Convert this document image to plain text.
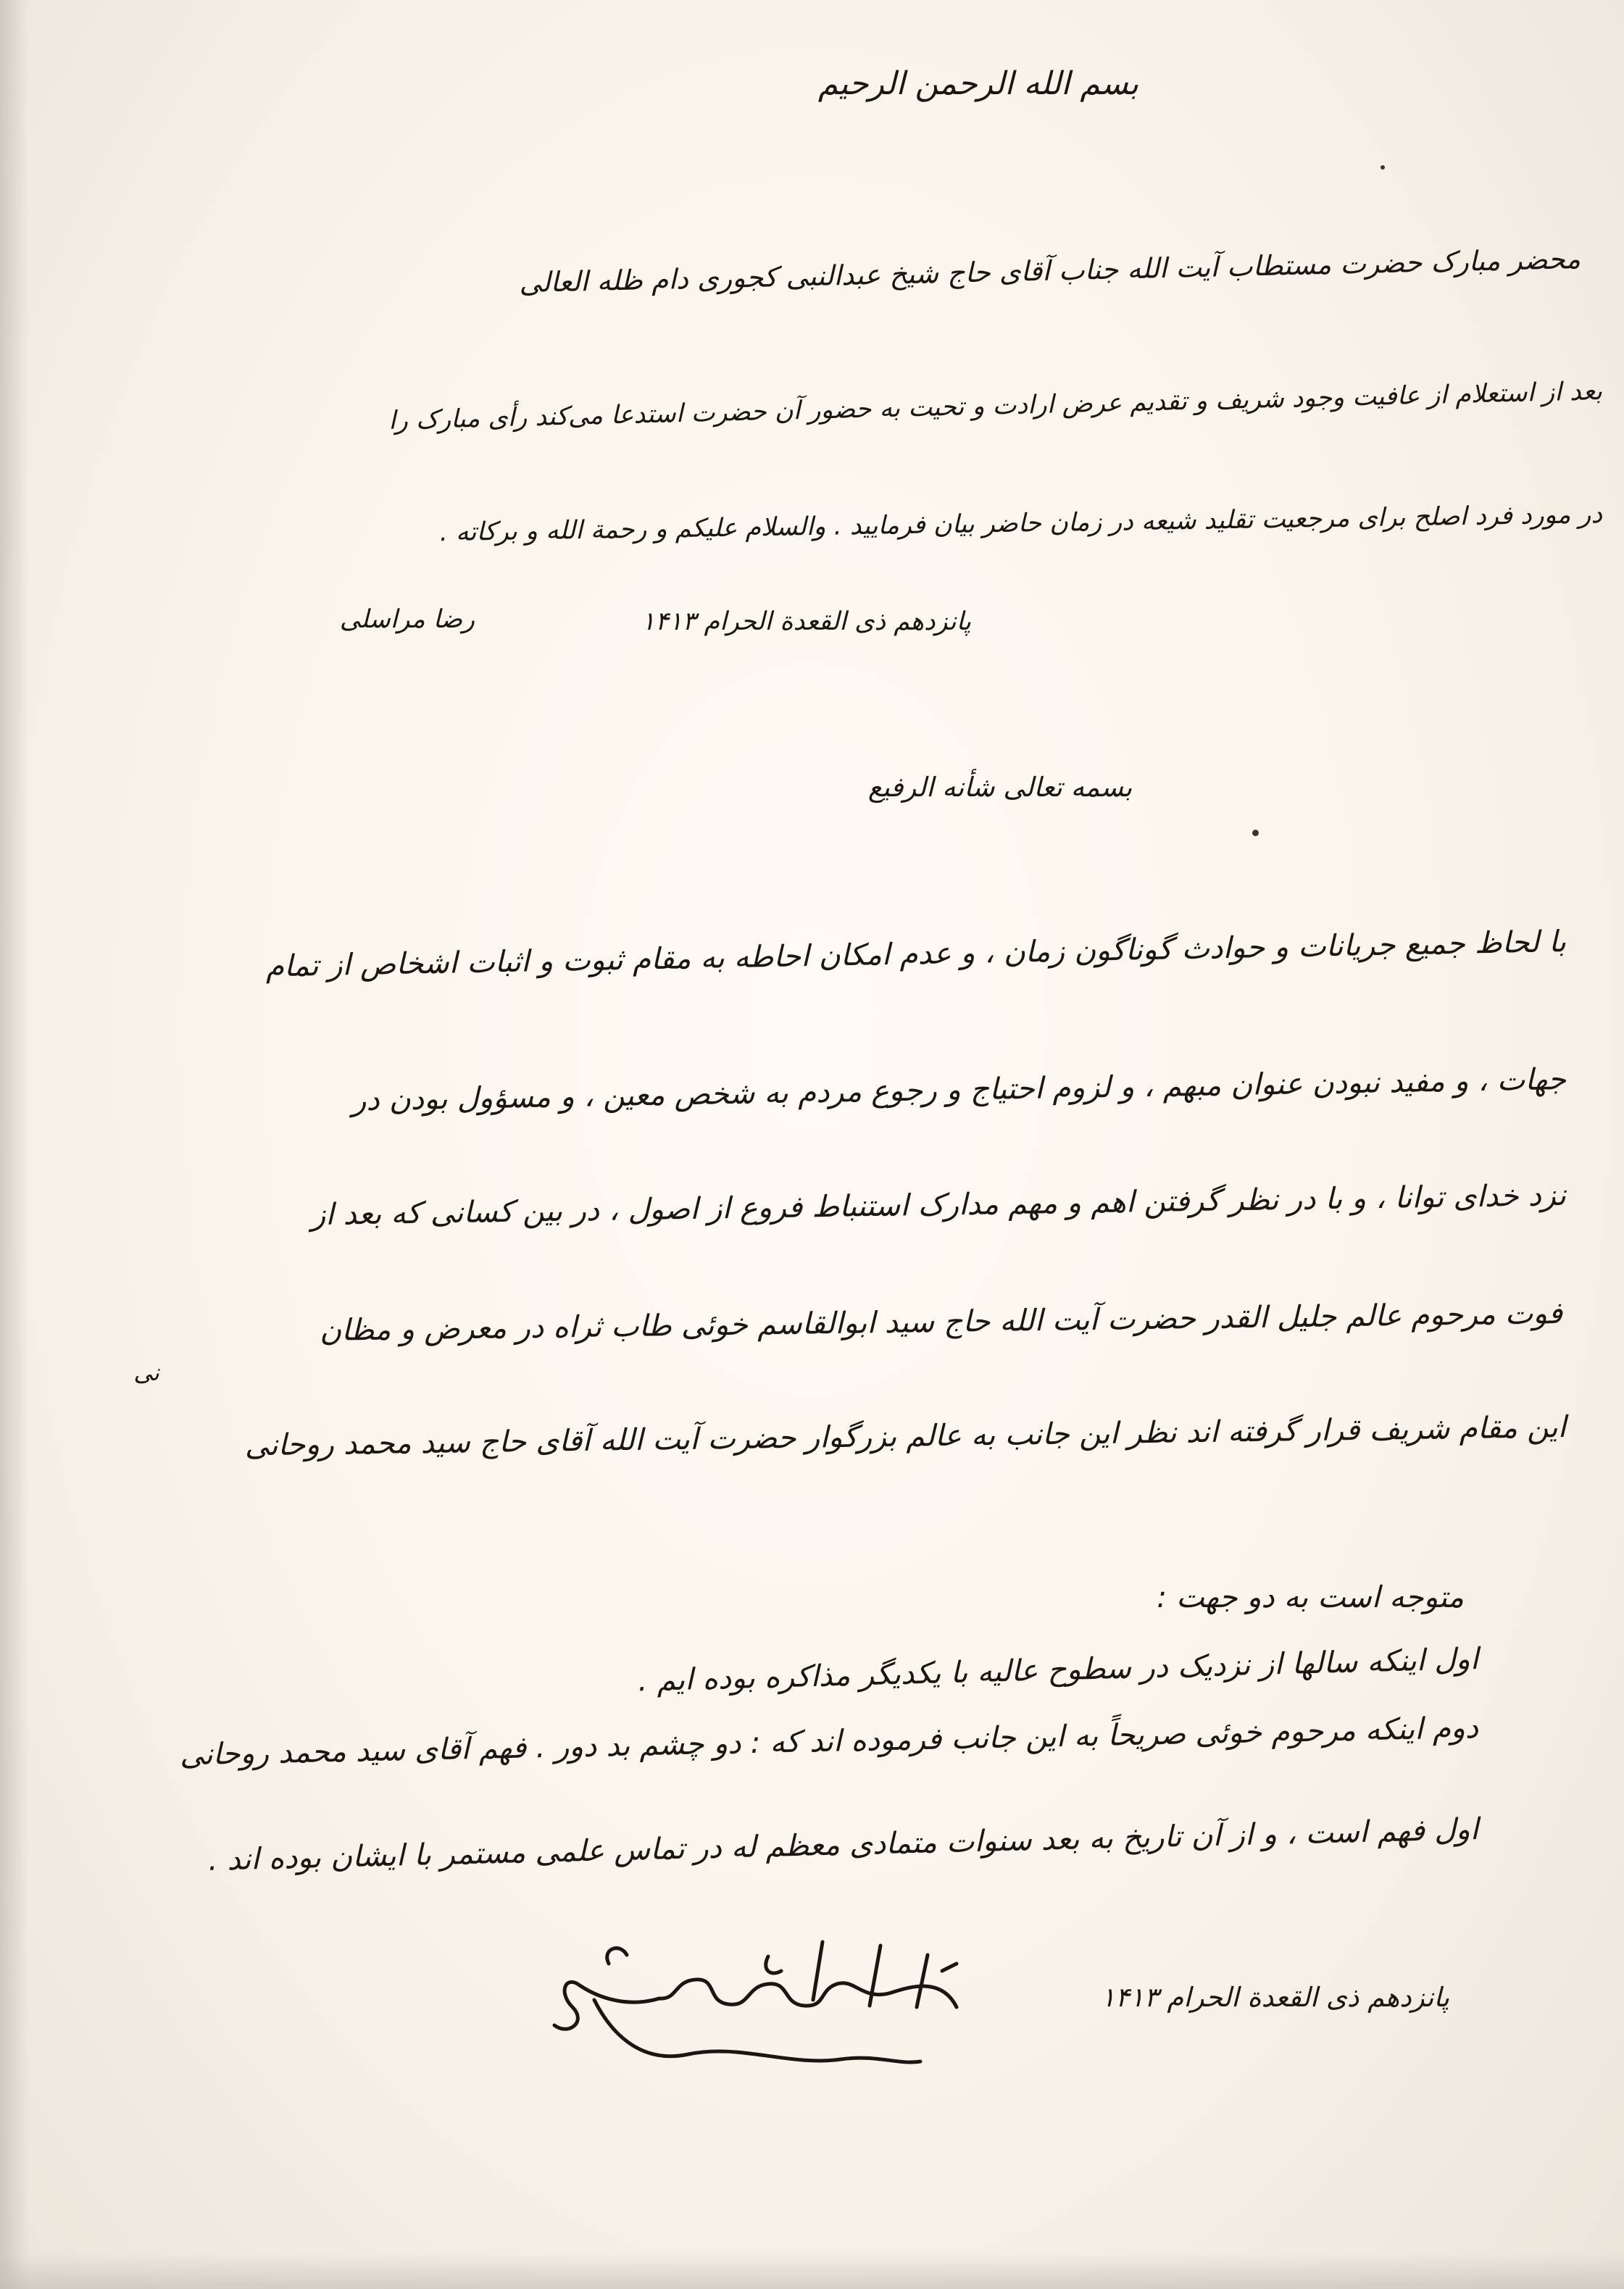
بسم الله الرحمن الرحيم
محضر مبارک حضرت مستطاب آیت الله جناب آقای حاج شیخ عبدالنبی کجوری دام ظله العالی
بعد از استعلام از عافیت وجود شریف و تقدیم عرض ارادت و تحیت به حضور آن حضرت استدعا می‌کند رأی مبارک را
در مورد فرد اصلح برای مرجعیت تقلید شیعه در زمان حاضر بیان فرمایید . والسلام علیکم و رحمة الله و برکاته .
پانزدهم ذی القعدة الحرام ۱۴۱۳
رضا مراسلی
بسمه تعالی شأنه الرفیع
با لحاظ جمیع جریانات و حوادث گوناگون زمان ، و عدم امکان احاطه به مقام ثبوت و اثبات اشخاص از تمام
جهات ، و مفید نبودن عنوان مبهم ، و لزوم احتیاج و رجوع مردم به شخص معین ، و مسؤول بودن در
نزد خدای توانا ، و با در نظر گرفتن اهم و مهم مدارک استنباط فروع از اصول ، در بین کسانی که بعد از
فوت مرحوم عالم جلیل القدر حضرت آیت الله حاج سید ابوالقاسم خوئی طاب ثراه در معرض و مظان
نی
این مقام شریف قرار گرفته اند نظر این جانب به عالم بزرگوار حضرت آیت الله آقای حاج سید محمد روحانی
متوجه است به دو جهت :
اول اینکه سالها از نزدیک در سطوح عالیه با یکدیگر مذاکره بوده ایم .
دوم اینکه مرحوم خوئی صریحاً به این جانب فرموده اند که : دو چشم بد دور . فهم آقای سید محمد روحانی
اول فهم است ، و از آن تاریخ به بعد سنوات متمادی معظم له در تماس علمی مستمر با ایشان بوده اند .
پانزدهم ذی القعدة الحرام ۱۴۱۳
